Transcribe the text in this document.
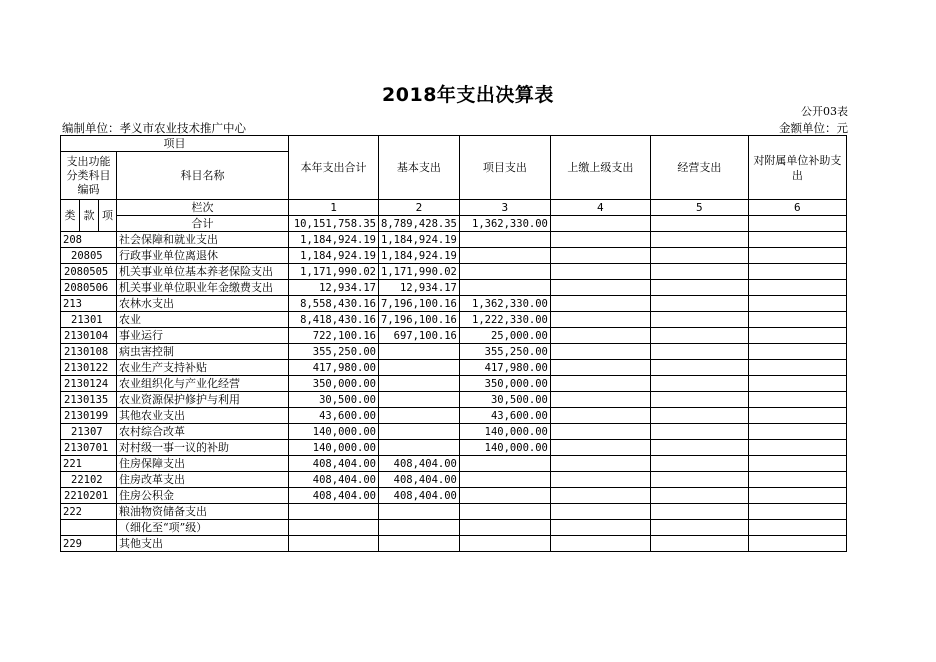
2018年支出决算表
公开03表
编制单位：孝义市农业技术推广中心	金额单位：元
项目				本年支出合计	基本支出	项目支出	上缴上级支出	经营支出	对附属单位补助支出
支出功能分类科目编码			科目名称						

类	款	项	栏次	1	2	3	4	5	6
			合计	10,151,758.35	8,789,428.35	1,362,330.00			
208			社会保障和就业支出	1,184,924.19	1,184,924.19				
20805			行政事业单位离退休	1,184,924.19	1,184,924.19				
2080505			机关事业单位基本养老保险支出	1,171,990.02	1,171,990.02				
2080506			机关事业单位职业年金缴费支出	12,934.17	12,934.17				
213			农林水支出	8,558,430.16	7,196,100.16	1,362,330.00			
21301			农业	8,418,430.16	7,196,100.16	1,222,330.00			
2130104			事业运行	722,100.16	697,100.16	25,000.00			
2130108			病虫害控制	355,250.00		355,250.00			
2130122			农业生产支持补贴	417,980.00		417,980.00			
2130124			农业组织化与产业化经营	350,000.00		350,000.00			
2130135			农业资源保护修护与利用	30,500.00		30,500.00			
2130199			其他农业支出	43,600.00		43,600.00			
21307			农村综合改革	140,000.00		140,000.00			
2130701			对村级一事一议的补助	140,000.00		140,000.00			
221			住房保障支出	408,404.00	408,404.00				
22102			住房改革支出	408,404.00	408,404.00				
2210201			住房公积金	408,404.00	408,404.00				
222			粮油物资储备支出						
			（细化至“项”级）						
229			其他支出						
